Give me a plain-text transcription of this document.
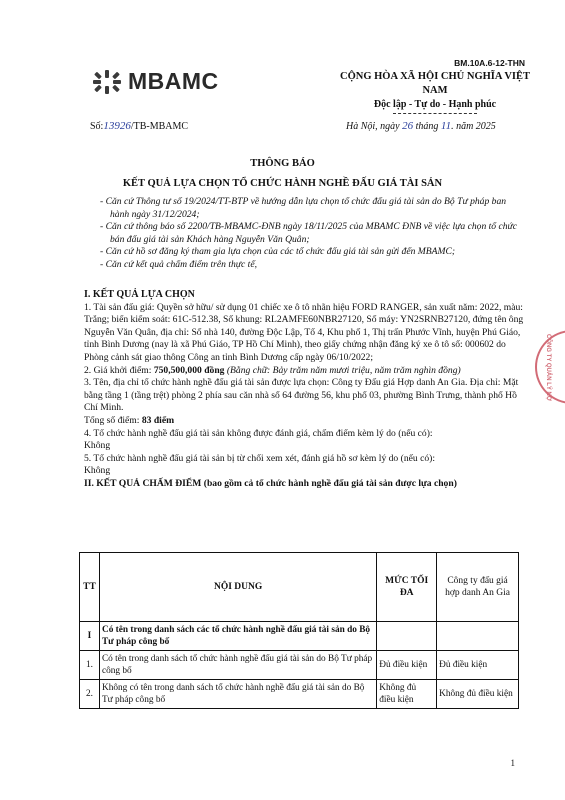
BM.10A.6-12-THN
MBAMC	CỘNG HÒA XÃ HỘI CHỦ NGHĨA VIỆT NAM
Độc lập - Tự do - Hạnh phúc
Số:13926/TB-MBAMC	Hà Nội, ngày 26 tháng 11. năm 2025
THÔNG BÁO
KẾT QUẢ LỰA CHỌN TỔ CHỨC HÀNH NGHỀ ĐẤU GIÁ TÀI SẢN

- Căn cứ Thông tư số 19/2024/TT-BTP về hướng dẫn lựa chọn tổ chức đấu giá tài sản do Bộ Tư pháp ban hành ngày 31/12/2024;

- Căn cứ thông báo số 2200/TB-MBAMC-ĐNB ngày 18/11/2025 của MBAMC ĐNB về việc lựa chọn tổ chức bán đấu giá tài sản Khách hàng Nguyễn Văn Quân;

- Căn cứ hồ sơ đăng ký tham gia lựa chọn của các tổ chức đấu giá tài sản gửi đến MBAMC;

- Căn cứ kết quả chấm điểm trên thực tế,

I. KẾT QUẢ LỰA CHỌN

1. Tài sản đấu giá: Quyền sở hữu/ sử dụng 01 chiếc xe ô tô nhãn hiệu FORD RANGER, sản xuất năm: 2022, màu: Trắng; biển kiểm soát: 61C-512.38, Số khung: RL2AMFE60NBR27120, Số máy: YN2SRNB27120, đứng tên ông Nguyễn Văn Quân, địa chỉ: Số nhà 140, đường Độc Lập, Tổ 4, Khu phố 1, Thị trấn Phước Vĩnh, huyện Phú Giáo, tỉnh Bình Dương (nay là xã Phú Giáo, TP Hồ Chí Minh), theo giấy chứng nhận đăng ký xe ô tô số: 000602 do Phòng cảnh sát giao thông Công an tỉnh Bình Dương cấp ngày 06/10/2022;

2. Giá khởi điểm: 750,500,000 đồng (Bằng chữ: Bảy trăm năm mươi triệu, năm trăm nghìn đồng)

3. Tên, địa chỉ tổ chức hành nghề đấu giá tài sản được lựa chọn: Công ty Đấu giá Hợp danh An Gia. Địa chỉ: Mặt bằng tầng 1 (tầng trệt) phòng 2 phía sau căn nhà số 64 đường 56, khu phố 03, phường Bình Trưng, thành phố Hồ Chí Minh.

Tổng số điểm: 83 điểm

4. Tổ chức hành nghề đấu giá tài sản không được đánh giá, chấm điểm kèm lý do (nếu có):

Không

5. Tổ chức hành nghề đấu giá tài sản bị từ chối xem xét, đánh giá hồ sơ kèm lý do (nếu có):

Không

II. KẾT QUẢ CHẤM ĐIỂM (bao gồm cả tổ chức hành nghề đấu giá tài sản được lựa chọn)

TT	NỘI DUNG	MỨC TỐI ĐA	Công ty đấu giá hợp danh An Gia
I	Có tên trong danh sách các tổ chức hành nghề đấu giá tài sản do Bộ Tư pháp công bố		
1.	Có tên trong danh sách tổ chức hành nghề đấu giá tài sản do Bộ Tư pháp công bố	Đủ điều kiện	Đủ điều kiện
2.	Không có tên trong danh sách tổ chức hành nghề đấu giá tài sản do Bộ Tư pháp công bố	Không đủ điều kiện	Không đủ điều kiện
CÔNG TY QUẢN LÝ NỢ
1
